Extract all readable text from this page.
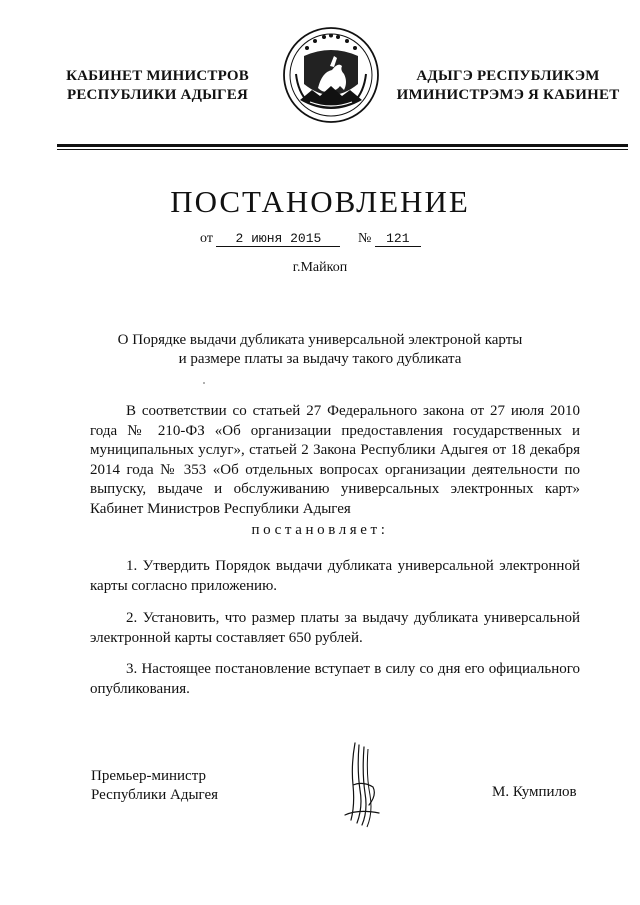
КАБИНЕТ МИНИСТРОВ
РЕСПУБЛИКИ АДЫГЕЯ
АДЫГЭ РЕСПУБЛИКЭМ
ИМИНИСТРЭМЭ Я КАБИНЕТ
ПОСТАНОВЛЕНИЕ
от 2 июня 2015	№ 121
г.Майкоп
О Порядке выдачи дубликата универсальной электроной карты
и размере платы за выдачу такого дубликата

В соответствии со статьей 27 Федерального закона от 27 июля 2010 года № 210-ФЗ «Об организации предоставления государственных и муниципальных услуг», статьей 2 Закона Республики Адыгея от 18 декабря 2014 года № 353 «Об отдельных вопросах организации деятельности по выпуску, выдаче и обслуживанию универсальных электронных карт» Кабинет Министров Республики Адыгея

постановляет:

1. Утвердить Порядок выдачи дубликата универсальной электронной карты согласно приложению.

2. Установить, что размер платы за выдачу дубликата универсальной электронной карты составляет 650 рублей.

3. Настоящее постановление вступает в силу со дня его официального опубликования.

Премьер-министр
Республики Адыгея	М. Кумпилов
